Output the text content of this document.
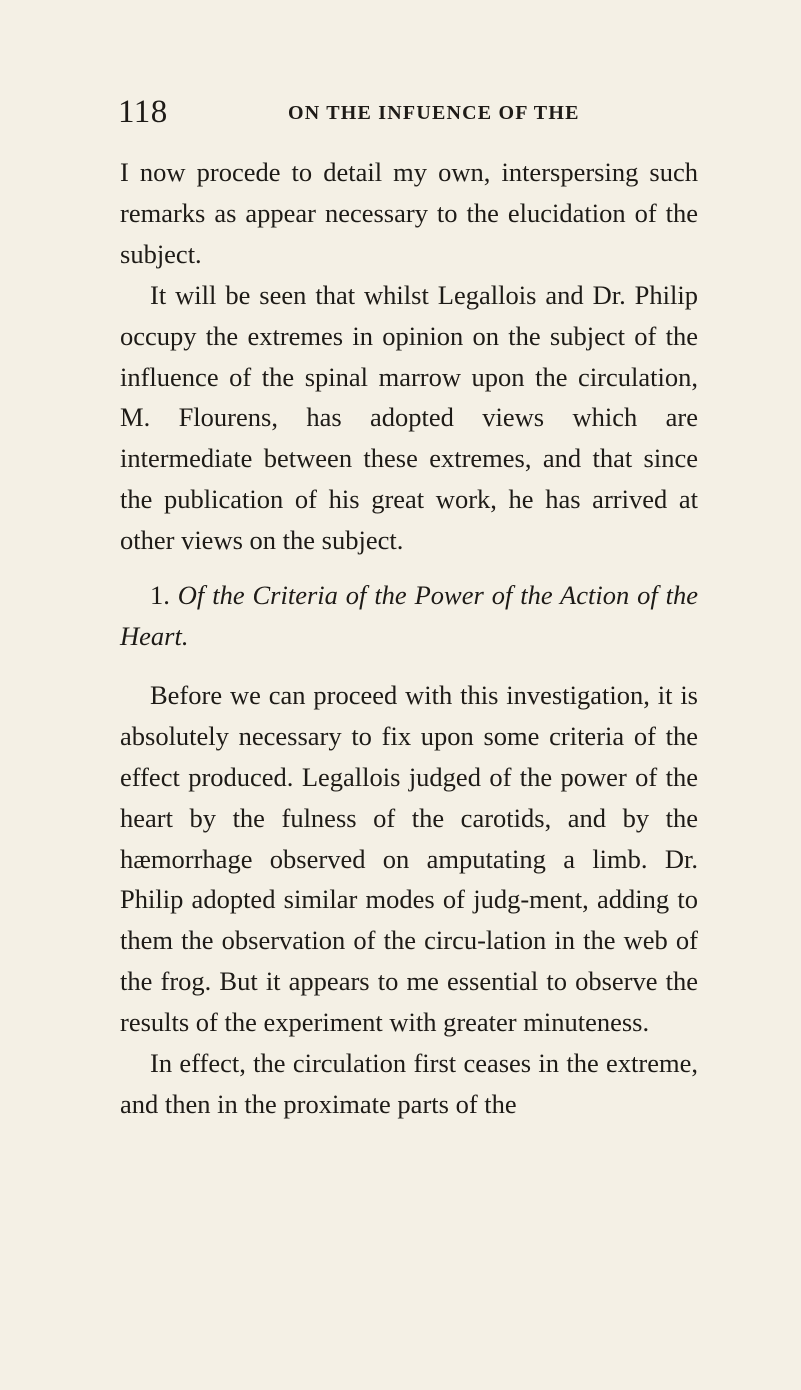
118	ON THE INFUENCE OF THE

I now procede to detail my own, interspersing such remarks as appear necessary to the elucidation of the subject.

It will be seen that whilst Legallois and Dr. Philip occupy the extremes in opinion on the subject of the influence of the spinal marrow upon the circulation, M. Flourens, has adopted views which are intermediate between these extremes, and that since the publication of his great work, he has arrived at other views on the subject.

1. Of the Criteria of the Power of the Action of the Heart.

Before we can proceed with this investigation, it is absolutely necessary to fix upon some criteria of the effect produced. Legallois judged of the power of the heart by the fulness of the carotids, and by the hæmorrhage observed on amputating a limb. Dr. Philip adopted similar modes of judg-ment, adding to them the observation of the circu-lation in the web of the frog. But it appears to me essential to observe the results of the experiment with greater minuteness.

In effect, the circulation first ceases in the extreme, and then in the proximate parts of the
